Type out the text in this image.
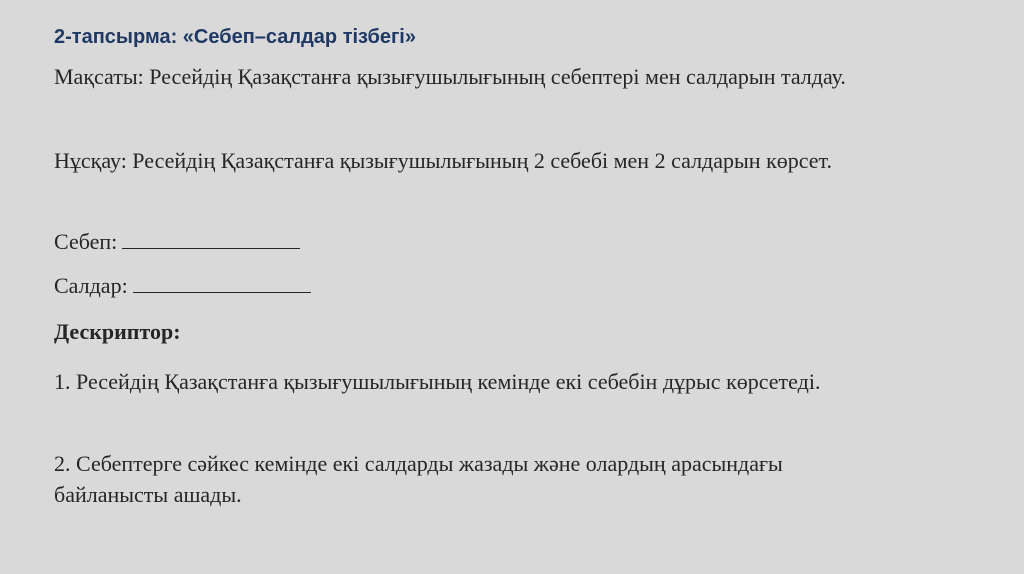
2-тапсырма: «Себеп–салдар тізбегі»
Мақсаты: Ресейдің Қазақстанға қызығушылығының себептері мен салдарын талдау.
Нұсқау: Ресейдің Қазақстанға қызығушылығының 2 себебі мен 2 салдарын көрсет.
Себеп:
Салдар:
Дескриптор:
1. Ресейдің Қазақстанға қызығушылығының кемінде екі себебін дұрыс көрсетеді.
2. Себептерге сәйкес кемінде екі салдарды жазады және олардың арасындағы байланысты ашады.
